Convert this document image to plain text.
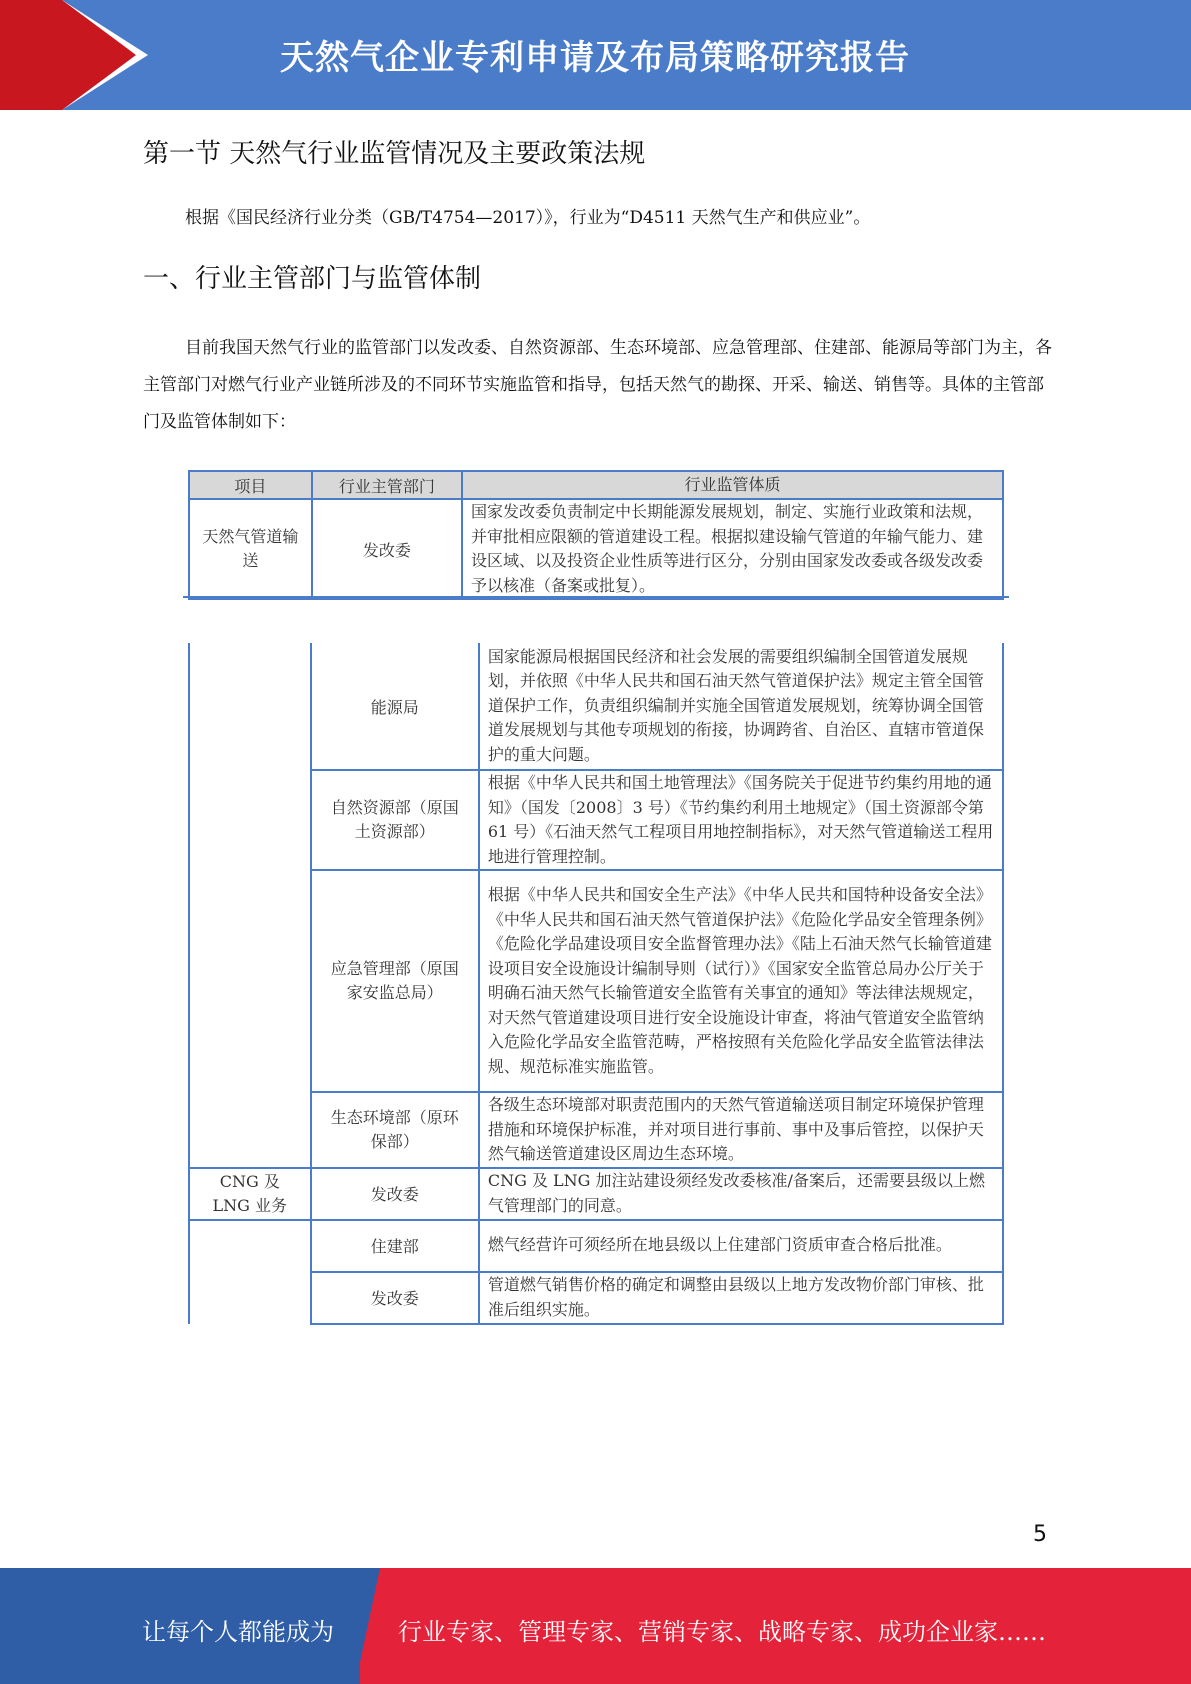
天然气企业专利申请及布局策略研究报告
第一节 天然气行业监管情况及主要政策法规
根据《国民经济行业分类（GB/T4754—2017）》，行业为“D4511 天然气生产和供应业”。
一、行业主管部门与监管体制
目前我国天然气行业的监管部门以发改委、自然资源部、生态环境部、应急管理部、住建部、能源局等部门为主，各主管部门对燃气行业产业链所涉及的不同环节实施监管和指导，包括天然气的勘探、开采、输送、销售等。具体的主管部门及监管体制如下：
项目	行业主管部门	行业监管体质
天然气管道输送	发改委	国家发改委负责制定中长期能源发展规划，制定、实施行业政策和法规，并审批相应限额的管道建设工程。根据拟建设输气管道的年输气能力、建设区域、以及投资企业性质等进行区分，分别由国家发改委或各级发改委予以核准（备案或批复）。
	能源局	国家能源局根据国民经济和社会发展的需要组织编制全国管道发展规划，并依照《中华人民共和国石油天然气管道保护法》规定主管全国管道保护工作，负责组织编制并实施全国管道发展规划，统筹协调全国管道发展规划与其他专项规划的衔接，协调跨省、自治区、直辖市管道保护的重大问题。
	自然资源部（原国土资源部）	根据《中华人民共和国土地管理法》《国务院关于促进节约集约用地的通知》（国发〔2008〕3 号）《节约集约利用土地规定》（国土资源部令第 61 号）《石油天然气工程项目用地控制指标》，对天然气管道输送工程用地进行管理控制。
	应急管理部（原国家安监总局）	根据《中华人民共和国安全生产法》《中华人民共和国特种设备安全法》《中华人民共和国石油天然气管道保护法》《危险化学品安全管理条例》《危险化学品建设项目安全监督管理办法》《陆上石油天然气长输管道建设项目安全设施设计编制导则（试行）》《国家安全监管总局办公厅关于明确石油天然气长输管道安全监管有关事宜的通知》等法律法规规定，对天然气管道建设项目进行安全设施设计审查，将油气管道安全监管纳入危险化学品安全监管范畴，严格按照有关危险化学品安全监管法律法规、规范标准实施监管。
	生态环境部（原环保部）	各级生态环境部对职责范围内的天然气管道输送项目制定环境保护管理措施和环境保护标准，并对项目进行事前、事中及事后管控，以保护天然气输送管道建设区周边生态环境。
CNG 及 LNG 业务	发改委	CNG 及 LNG 加注站建设须经发改委核准/备案后，还需要县级以上燃气管理部门的同意。
	住建部	燃气经营许可须经所在地县级以上住建部门资质审查合格后批准。
	发改委	管道燃气销售价格的确定和调整由县级以上地方发改物价部门审核、批准后组织实施。
5
让每个人都能成为	行业专家、管理专家、营销专家、战略专家、成功企业家……
